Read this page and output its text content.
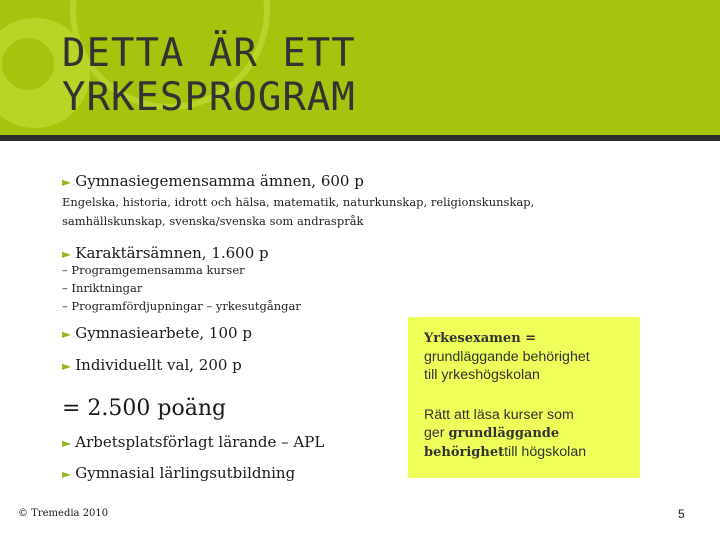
DETTA ÄR ETT
YRKESPROGRAM
► Gymnasiegemensamma ämnen, 600 p
Engelska, historia, idrott och hälsa, matematik, naturkunskap, religionskunskap,
samhällskunskap, svenska/svenska som andraspråk
► Karaktärsämnen, 1.600 p
– Programgemensamma kurser
– Inriktningar
– Programfördjupningar – yrkesutgångar
► Gymnasiearbete, 100 p
► Individuellt val, 200 p
= 2.500 poäng
► Arbetsplatsförlagt lärande – APL
► Gymnasial lärlingsutbildning

Yrkesexamen =
grundläggande behörighet
till yrkeshögskolan

Rätt att läsa kurser som
ger grundläggande
behörighettill högskolan

© Tremedia 2010	5
